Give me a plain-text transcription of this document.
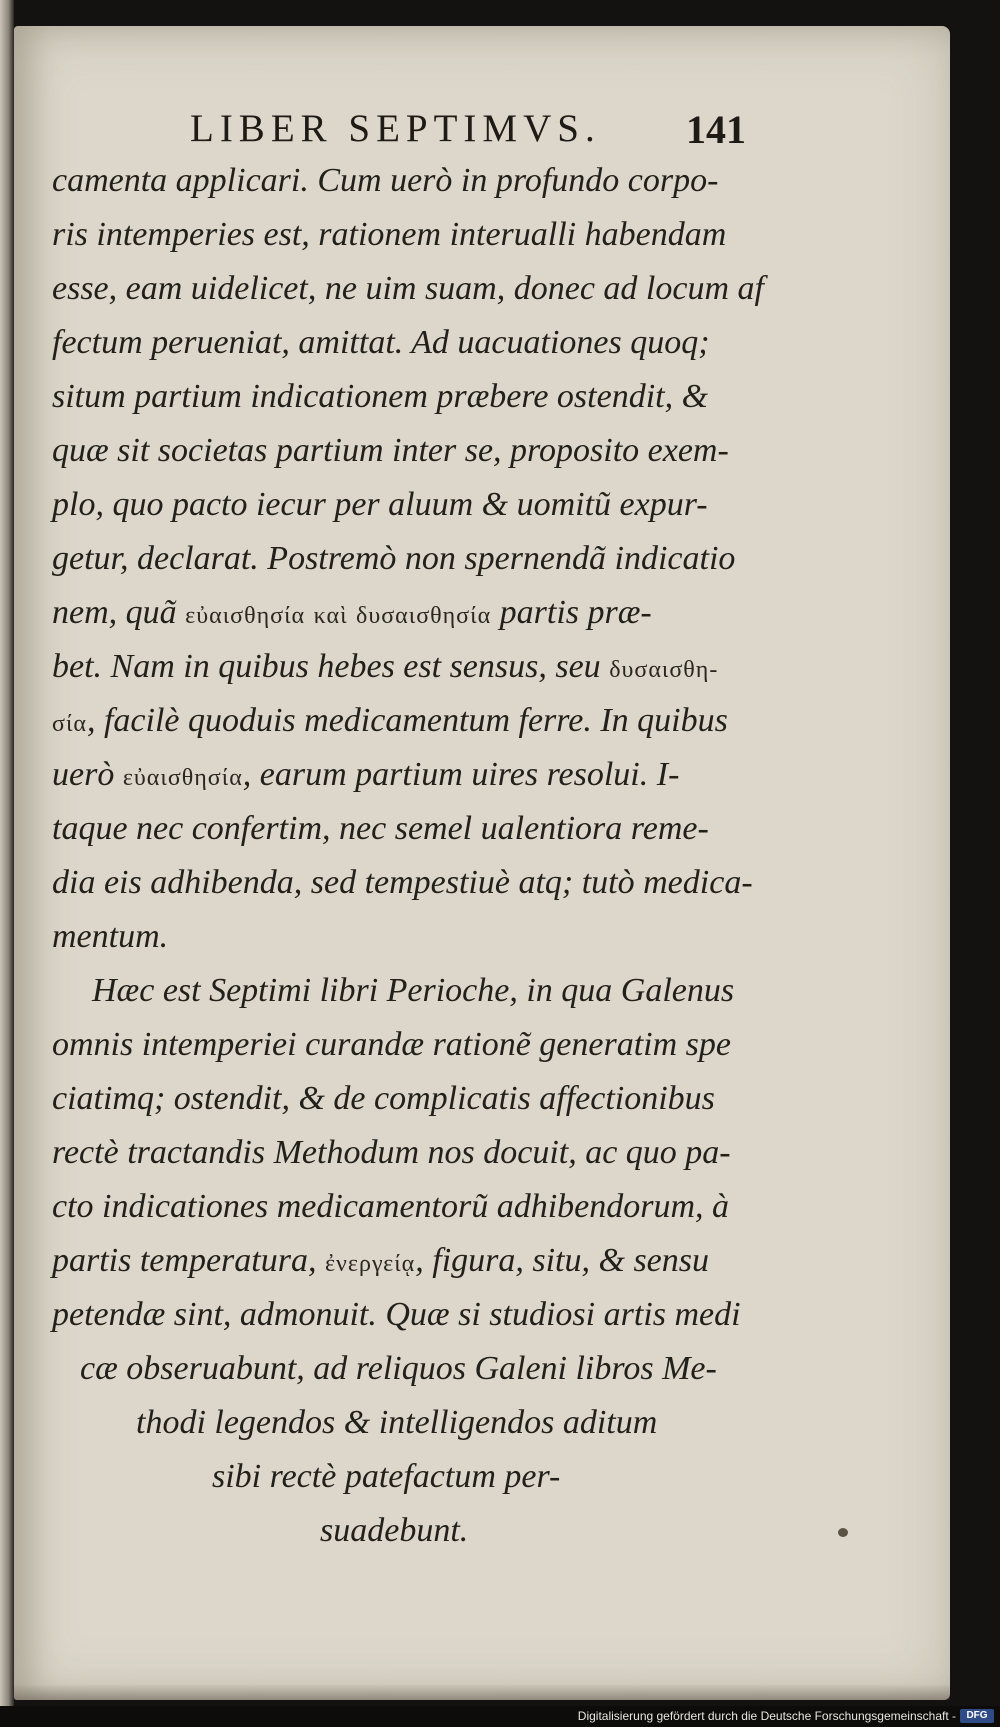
LIBER SEPTIMVS.	141
camenta applicari. Cum uerò in profundo corpo-
ris intemperies est, rationem interualli habendam
esse, eam uidelicet, ne uim suam, donec ad locum af
fectum perueniat, amittat. Ad uacuationes quoq;
situm partium indicationem præbere ostendit, &
quæ sit societas partium inter se, proposito exem-
plo, quo pacto iecur per aluum & uomitũ expur-
getur, declarat. Postremò non spernendã indicatio
nem, quã εὐαισθησία καὶ δυσαισθησία partis præ-
bet. Nam in quibus hebes est sensus, seu δυσαισθη-
σία, facilè quoduis medicamentum ferre. In quibus
uerò εὐαισθησία, earum partium uires resolui. I-
taque nec confertim, nec semel ualentiora reme-
dia eis adhibenda, sed tempestiuè atq; tutò medica-
mentum.
Hæc est Septimi libri Perioche, in qua Galenus
omnis intemperiei curandæ rationẽ generatim spe
ciatimq; ostendit, & de complicatis affectionibus
rectè tractandis Methodum nos docuit, ac quo pa-
cto indicationes medicamentorũ adhibendorum, à
partis temperatura, ἐνεργείᾳ, figura, situ, & sensu
petendæ sint, admonuit. Quæ si studiosi artis medi
cæ obseruabunt, ad reliquos Galeni libros Me-
thodi legendos & intelligendos aditum
sibi rectè patefactum per-
suadebunt.
Digitalisierung gefördert durch die Deutsche Forschungsgemeinschaft -	DFG
